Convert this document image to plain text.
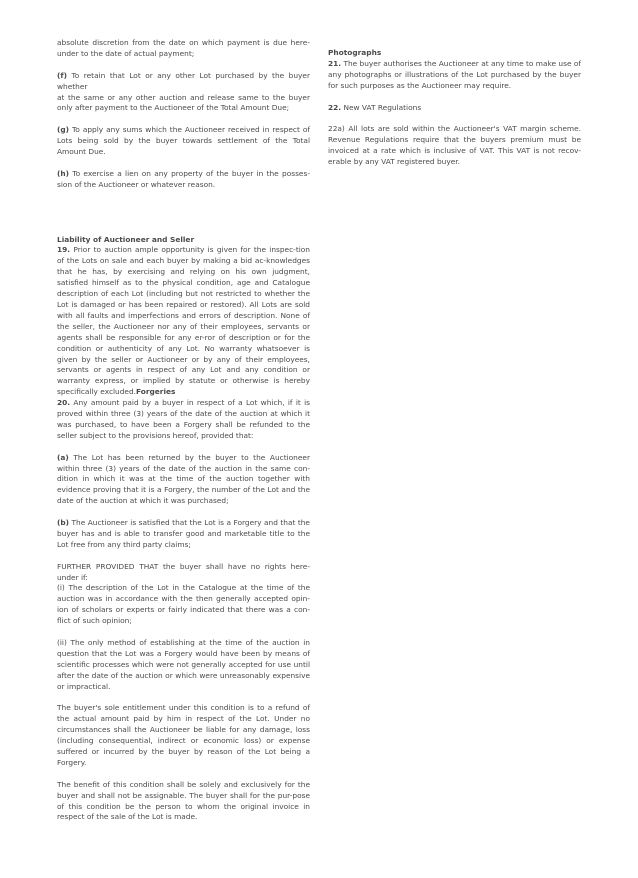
absolute discretion from the date on which payment is due here-under to the date of actual payment;

(f) To retain that Lot or any other Lot purchased by the buyer whether

at the same or any other auction and release same to the buyer only after payment to the Auctioneer of the Total Amount Due;

(g) To apply any sums which the Auctioneer received in respect of Lots being sold by the buyer towards settlement of the Total Amount Due.

(h) To exercise a lien on any property of the buyer in the posses-sion of the Auctioneer or whatever reason.

Liability of Auctioneer and Seller
19. Prior to auction ample opportunity is given for the inspec-tion of the Lots on sale and each buyer by making a bid ac-knowledges that he has, by exercising and relying on his own judgment, satisfied himself as to the physical condition, age and Catalogue description of each Lot (including but not restricted to whether the Lot is damaged or has been repaired or restored). All Lots are sold with all faults and imperfections and errors of description. None of the seller, the Auctioneer nor any of their employees, servants or agents shall be responsible for any er-ror of description or for the condition or authenticity of any Lot. No warranty whatsoever is given by the seller or Auctioneer or by any of their employees, servants or agents in respect of any Lot and any condition or warranty express, or implied by statute or otherwise is hereby specifically excluded.Forgeries
20. Any amount paid by a buyer in respect of a Lot which, if it is proved within three (3) years of the date of the auction at which it was purchased, to have been a Forgery shall be refunded to the seller subject to the provisions hereof, provided that:

(a) The Lot has been returned by the buyer to the Auctioneer within three (3) years of the date of the auction in the same con-dition in which it was at the time of the auction together with evidence proving that it is a Forgery, the number of the Lot and the date of the auction at which it was purchased;

(b) The Auctioneer is satisfied that the Lot is a Forgery and that the buyer has and is able to transfer good and marketable title to the Lot free from any third party claims;

FURTHER PROVIDED THAT the buyer shall have no rights here-under if:
(i) The description of the Lot in the Catalogue at the time of the auction was in accordance with the then generally accepted opin-ion of scholars or experts or fairly indicated that there was a con-flict of such opinion;

(ii) The only method of establishing at the time of the auction in question that the Lot was a Forgery would have been by means of scientific processes which were not generally accepted for use until after the date of the auction or which were unreasonably expensive or impractical.

The buyer's sole entitlement under this condition is to a refund of the actual amount paid by him in respect of the Lot. Under no circumstances shall the Auctioneer be liable for any damage, loss (including consequential, indirect or economic loss) or expense suffered or incurred by the buyer by reason of the Lot being a Forgery.

The benefit of this condition shall be solely and exclusively for the buyer and shall not be assignable. The buyer shall for the pur-pose of this condition be the person to whom the original invoice in respect of the sale of the Lot is made.

Photographs
21. The buyer authorises the Auctioneer at any time to make use of any photographs or illustrations of the Lot purchased by the buyer for such purposes as the Auctioneer may require.

22. New VAT Regulations

22a) All lots are sold within the Auctioneer's VAT margin scheme. Revenue Regulations require that the buyers premium must be invoiced at a rate which is inclusive of VAT. This VAT is not recov-erable by any VAT registered buyer.
